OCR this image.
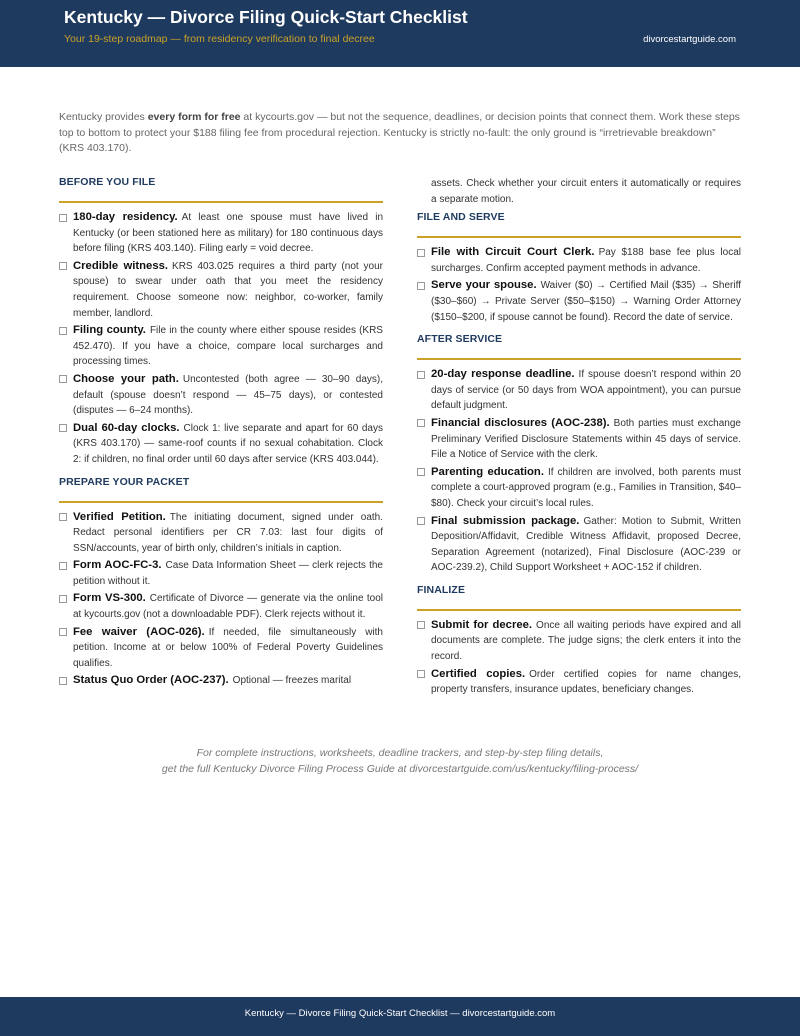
Kentucky — Divorce Filing Quick-Start Checklist
Your 19-step roadmap — from residency verification to final decree	divorcestartguide.com
Kentucky provides every form for free at kycourts.gov — but not the sequence, deadlines, or decision points that connect them. Work these steps top to bottom to protect your $188 filing fee from procedural rejection. Kentucky is strictly no-fault: the only ground is “irretrievable breakdown” (KRS 403.170).
BEFORE YOU FILE
180-day residency. At least one spouse must have lived in Kentucky (or been stationed here as military) for 180 continuous days before filing (KRS 403.140). Filing early = void decree.
Credible witness. KRS 403.025 requires a third party (not your spouse) to swear under oath that you meet the residency requirement. Choose someone now: neighbor, co-worker, family member, landlord.
Filing county. File in the county where either spouse resides (KRS 452.470). If you have a choice, compare local surcharges and processing times.
Choose your path. Uncontested (both agree — 30–90 days), default (spouse doesn’t respond — 45–75 days), or contested (disputes — 6–24 months).
Dual 60-day clocks. Clock 1: live separate and apart for 60 days (KRS 403.170) — same-roof counts if no sexual cohabitation. Clock 2: if children, no final order until 60 days after service (KRS 403.044).
PREPARE YOUR PACKET
Verified Petition. The initiating document, signed under oath. Redact personal identifiers per CR 7.03: last four digits of SSN/accounts, year of birth only, children’s initials in caption.
Form AOC-FC-3. Case Data Information Sheet — clerk rejects the petition without it.
Form VS-300. Certificate of Divorce — generate via the online tool at kycourts.gov (not a downloadable PDF). Clerk rejects without it.
Fee waiver (AOC-026). If needed, file simultaneously with petition. Income at or below 100% of Federal Poverty Guidelines qualifies.
Status Quo Order (AOC-237). Optional — freezes marital
assets. Check whether your circuit enters it automatically or requires a separate motion.
FILE AND SERVE
File with Circuit Court Clerk. Pay $188 base fee plus local surcharges. Confirm accepted payment methods in advance.
Serve your spouse. Waiver ($0) → Certified Mail ($35) → Sheriff ($30–$60) → Private Server ($50–$150) → Warning Order Attorney ($150–$200, if spouse cannot be found). Record the date of service.
AFTER SERVICE
20-day response deadline. If spouse doesn’t respond within 20 days of service (or 50 days from WOA appointment), you can pursue default judgment.
Financial disclosures (AOC-238). Both parties must exchange Preliminary Verified Disclosure Statements within 45 days of service. File a Notice of Service with the clerk.
Parenting education. If children are involved, both parents must complete a court-approved program (e.g., Families in Transition, $40–$80). Check your circuit’s local rules.
Final submission package. Gather: Motion to Submit, Written Deposition/Affidavit, Credible Witness Affidavit, proposed Decree, Separation Agreement (notarized), Final Disclosure (AOC-239 or AOC-239.2), Child Support Worksheet + AOC-152 if children.
FINALIZE
Submit for decree. Once all waiting periods have expired and all documents are complete. The judge signs; the clerk enters it into the record.
Certified copies. Order certified copies for name changes, property transfers, insurance updates, beneficiary changes.
For complete instructions, worksheets, deadline trackers, and step-by-step filing details,
get the full Kentucky Divorce Filing Process Guide at divorcestartguide.com/us/kentucky/filing-process/
Kentucky — Divorce Filing Quick-Start Checklist — divorcestartguide.com
